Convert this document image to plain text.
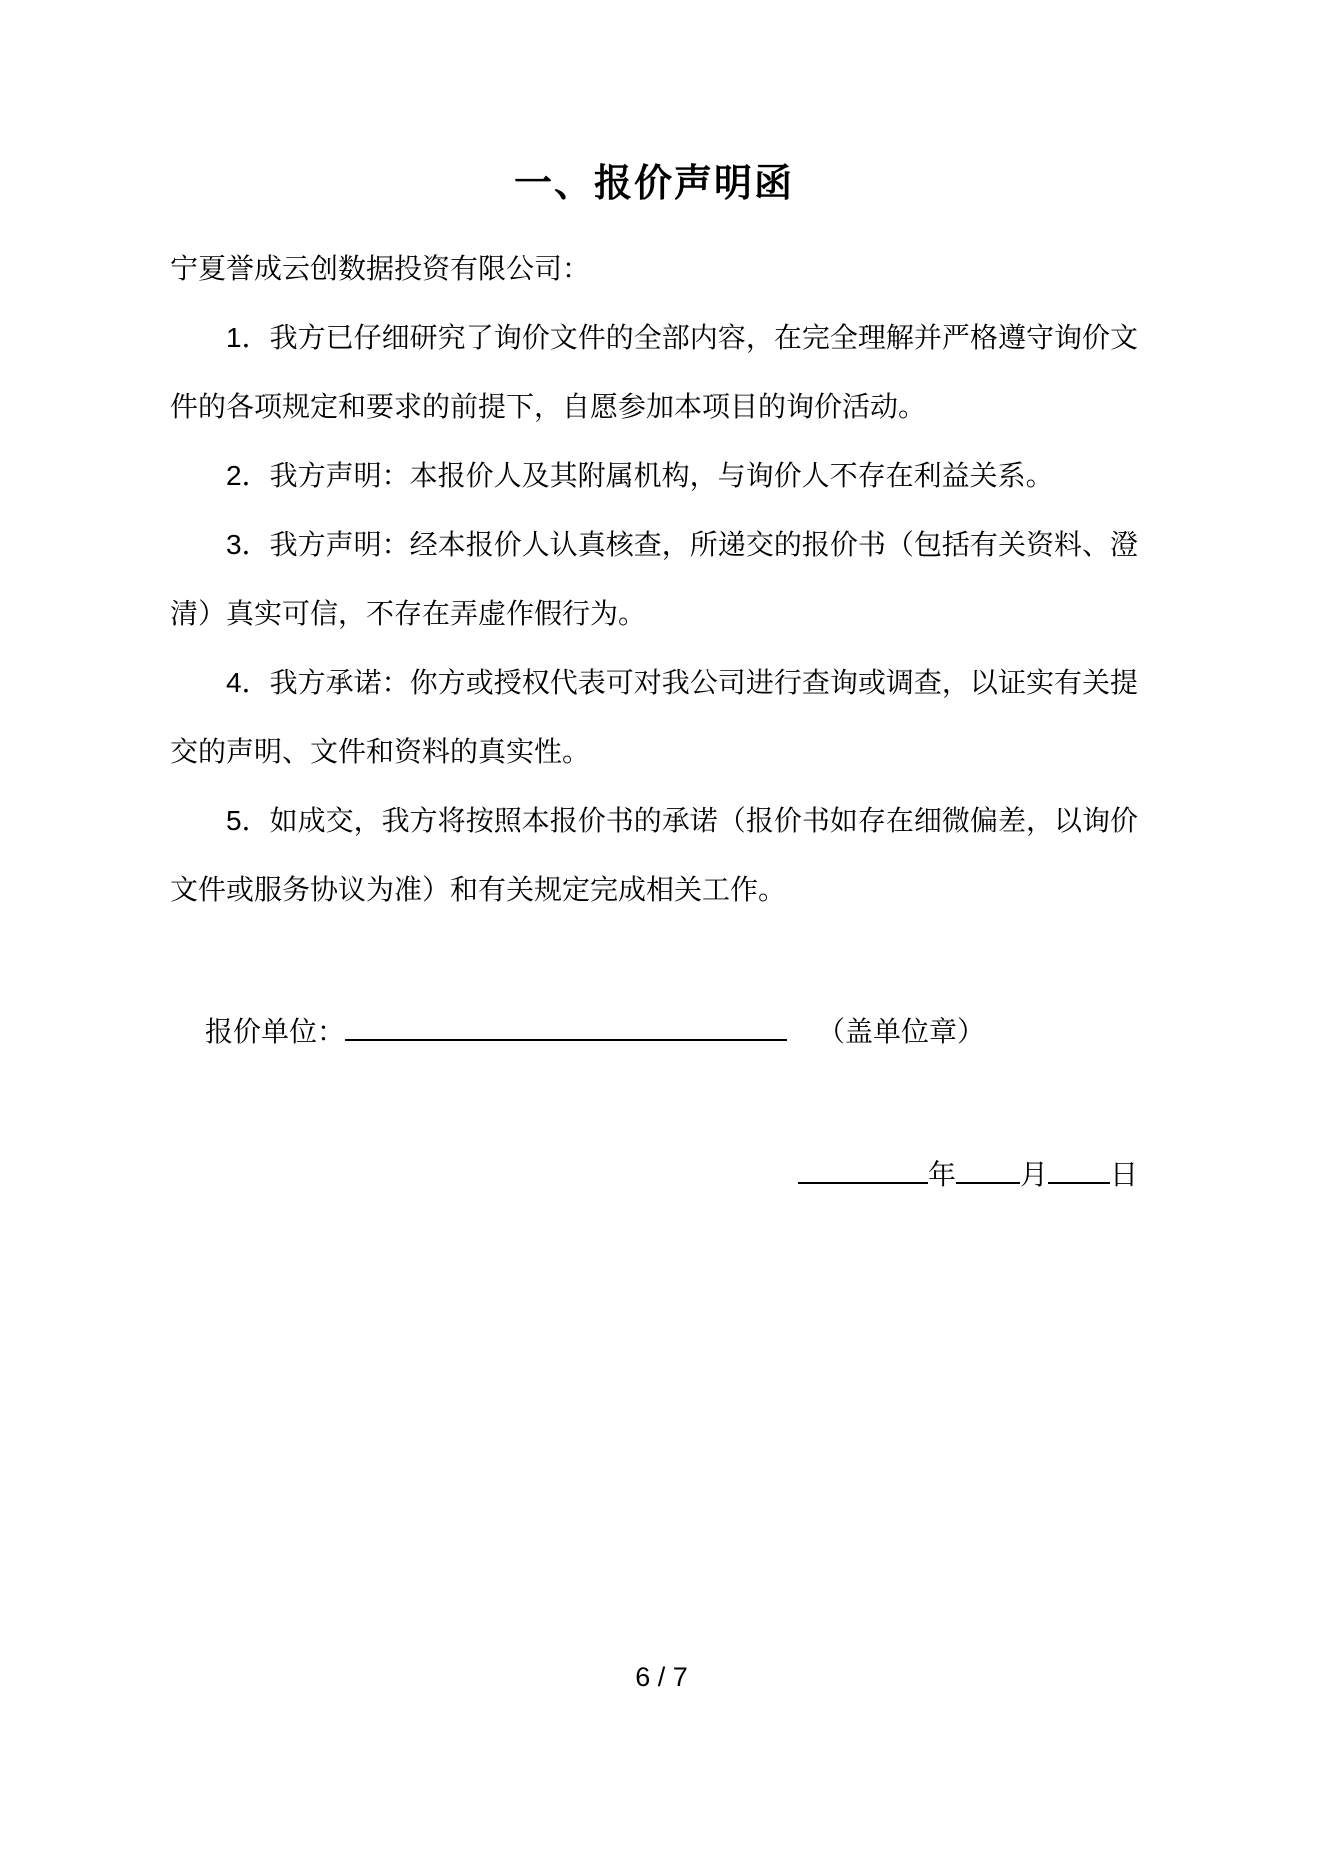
一、报价声明函
宁夏誉成云创数据投资有限公司：

1．我方已仔细研究了询价文件的全部内容，在完全理解并严格遵守询价文件的各项规定和要求的前提下，自愿参加本项目的询价活动。

2．我方声明：本报价人及其附属机构，与询价人不存在利益关系。

3．我方声明：经本报价人认真核查，所递交的报价书（包括有关资料、澄清）真实可信，不存在弄虚作假行为。

4．我方承诺：你方或授权代表可对我公司进行查询或调查，以证实有关提交的声明、文件和资料的真实性。

5．如成交，我方将按照本报价书的承诺（报价书如存在细微偏差，以询价文件或服务协议为准）和有关规定完成相关工作。

报价单位：	（盖单位章）
年 月 日
6 / 7
